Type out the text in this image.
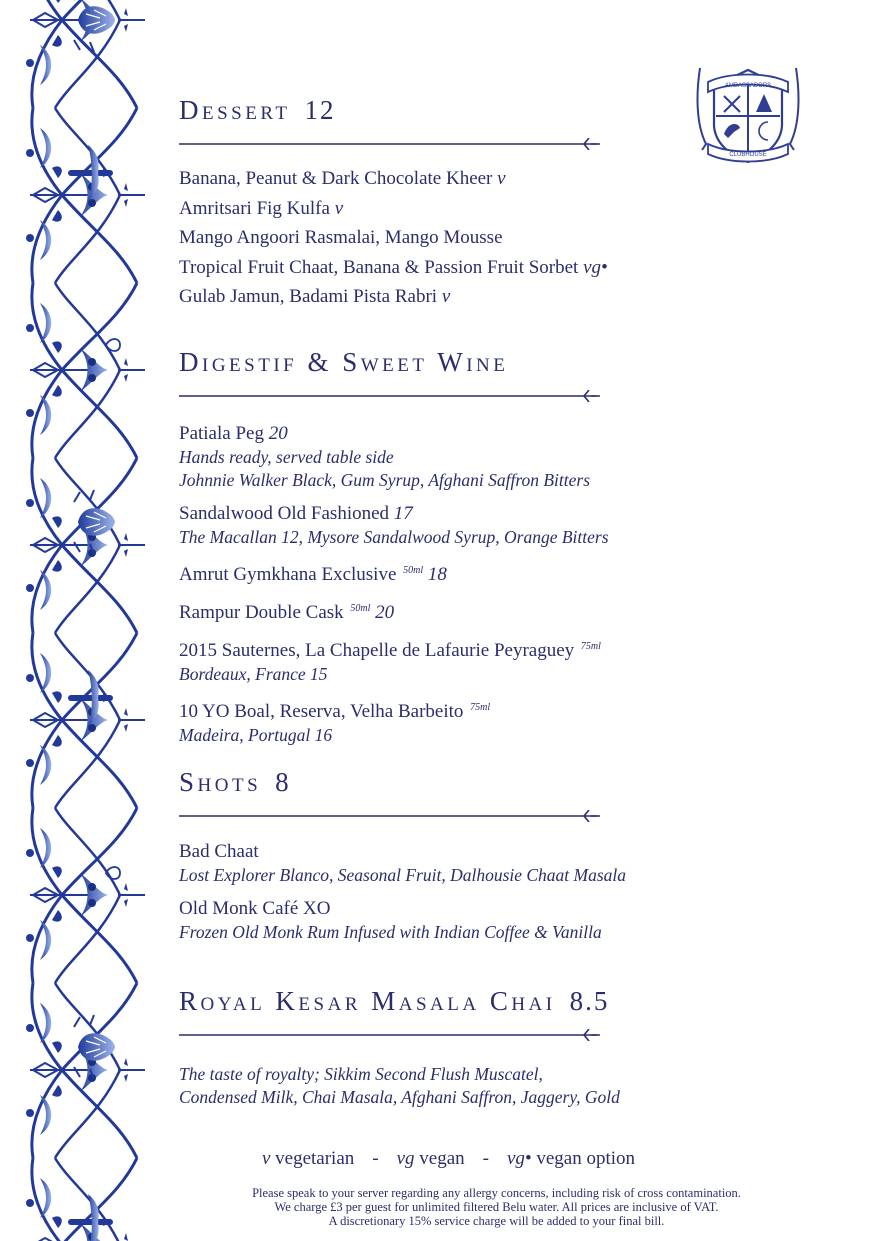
AMBASSADORS
CLUBHOUSE
Dessert 12
Banana, Peanut & Dark Chocolate Kheer v
Amritsari Fig Kulfa v
Mango Angoori Rasmalai, Mango Mousse
Tropical Fruit Chaat, Banana & Passion Fruit Sorbet vg•
Gulab Jamun, Badami Pista Rabri v
Digestif & Sweet Wine
Patiala Peg 20
Hands ready, served table side
Johnnie Walker Black, Gum Syrup, Afghani Saffron Bitters
Sandalwood Old Fashioned 17
The Macallan 12, Mysore Sandalwood Syrup, Orange Bitters
Amrut Gymkhana Exclusive $^{50ml}$ 18
Rampur Double Cask $^{50ml}$ 20
2015 Sauternes, La Chapelle de Lafaurie Peyraguey $^{75ml}$
Bordeaux, France 15
10 YO Boal, Reserva, Velha Barbeito $^{75ml}$
Madeira, Portugal 16
Shots 8
Bad Chaat
Lost Explorer Blanco, Seasonal Fruit, Dalhousie Chaat Masala
Old Monk Café XO
Frozen Old Monk Rum Infused with Indian Coffee & Vanilla
Royal Kesar Masala Chai 8.5
The taste of royalty; Sikkim Second Flush Muscatel,
Condensed Milk, Chai Masala, Afghani Saffron, Jaggery, Gold
v vegetarian - vg vegan - vg• vegan option
Please speak to your server regarding any allergy concerns, including risk of cross contamination.
We charge £3 per guest for unlimited filtered Belu water. All prices are inclusive of VAT.
A discretionary 15% service charge will be added to your final bill.
